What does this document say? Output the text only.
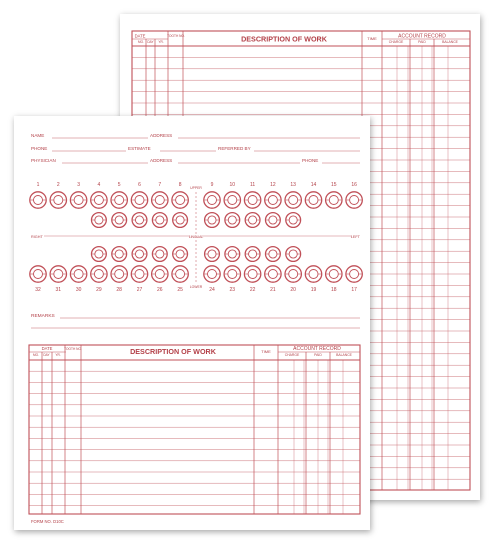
DATE
MO. DAY YR.
TOOTH NO.	DESCRIPTION OF WORK	TIME	ACCOUNT RECORD
CHARGE	PAID	BALANCE
NAME	ADDRESS
PHONE	ESTIMATE	REFERRED BY
PHYSICIAN	ADDRESS	PHONE
1	2	3	4	5	6	7	8	9	10	11	12	13	14	15	16
32	31	30	29	28	27	26	25	24	23	22	21	20	19	18	17
UPPER
LOWER
LINGUAL
RIGHT	LEFT
REMARKS
DATE
MO. DAY YR.
TOOTH NO.	DESCRIPTION OF WORK	TIME	ACCOUNT RECORD
CHARGE	PAID	BALANCE
FORM NO. D10C
